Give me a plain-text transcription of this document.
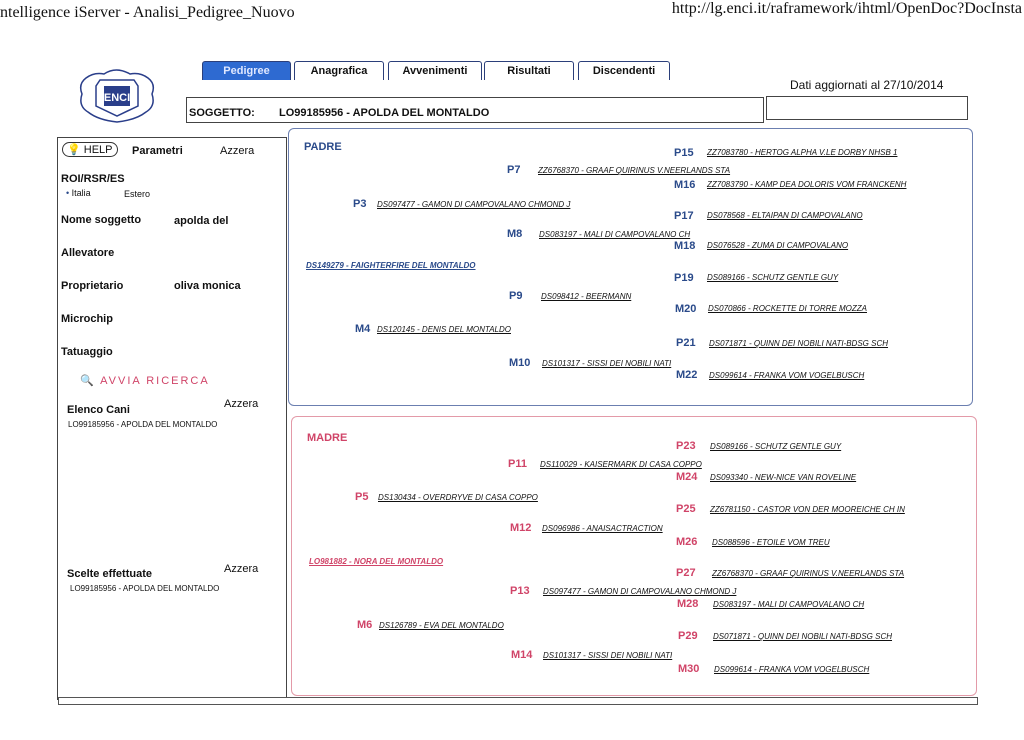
ntelligence iServer - Analisi_Pedigree_Nuovo	http://lg.enci.it/raframework/ihtml/OpenDoc?DocInsta
ENCI
Pedigree	Anagrafica	Avvenimenti	Risultati	Discendenti
Dati aggiornati al 27/10/2014
SOGGETTO: LO99185956 - APOLDA DEL MONTALDO
💡 HELP	Parametri	Azzera
ROI/RSR/ES
• Italia	Estero
Nome soggetto	apolda del
Allevatore
Proprietario	oliva monica
Microchip
Tatuaggio
🔍 AVVIA RICERCA
Elenco Cani	Azzera
LO99185956 - APOLDA DEL MONTALDO
Scelte effettuate	Azzera
LO99185956 - APOLDA DEL MONTALDO
PADRE
DS149279 - FAIGHTERFIRE DEL MONTALDO
P15 ZZ7083780 - HERTOG ALPHA V.LE DORBY NHSB 1
P7 ZZ6768370 - GRAAF QUIRINUS V.NEERLANDS STA
M16 ZZ7083790 - KAMP DEA DOLORIS VOM FRANCKENH
P3 DS097477 - GAMON DI CAMPOVALANO CHMOND J
P17 DS078568 - ELTAIPAN DI CAMPOVALANO
M8 DS083197 - MALI DI CAMPOVALANO CH
M18 DS076528 - ZUMA DI CAMPOVALANO
P19 DS089166 - SCHUTZ GENTLE GUY
P9 DS098412 - BEERMANN
M20 DS070866 - ROCKETTE DI TORRE MOZZA
M4 DS120145 - DENIS DEL MONTALDO
P21 DS071871 - QUINN DEI NOBILI NATI-BDSG SCH
M10 DS101317 - SISSI DEI NOBILI NATI
M22 DS099614 - FRANKA VOM VOGELBUSCH
MADRE
LO981882 - NORA DEL MONTALDO
P23 DS089166 - SCHUTZ GENTLE GUY
P11 DS110029 - KAISERMARK DI CASA COPPO
M24 DS093340 - NEW-NICE VAN ROVELINE
P5 DS130434 - OVERDRYVE DI CASA COPPO
P25 ZZ6781150 - CASTOR VON DER MOOREICHE CH IN
M12 DS096986 - ANAISACTRACTION
M26 DS088596 - ETOILE VOM TREU
P27 ZZ6768370 - GRAAF QUIRINUS V.NEERLANDS STA
P13 DS097477 - GAMON DI CAMPOVALANO CHMOND J
M28 DS083197 - MALI DI CAMPOVALANO CH
M6 DS126789 - EVA DEL MONTALDO
P29 DS071871 - QUINN DEI NOBILI NATI-BDSG SCH
M14 DS101317 - SISSI DEI NOBILI NATI
M30 DS099614 - FRANKA VOM VOGELBUSCH
